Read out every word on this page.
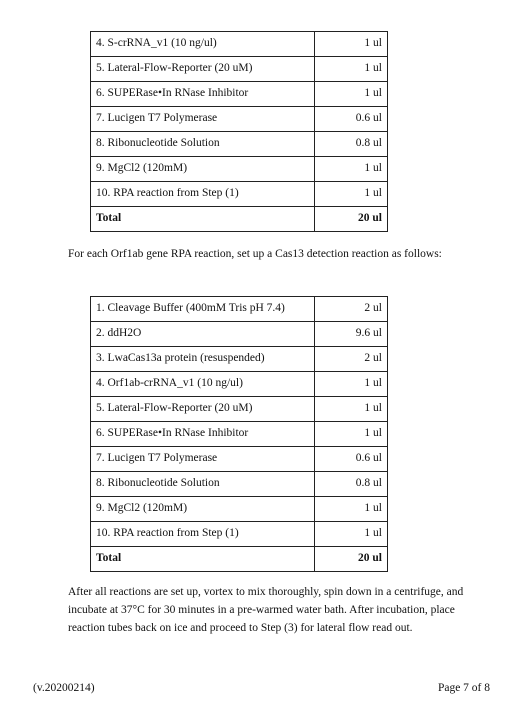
4. S-crRNA_v1 (10 ng/ul)	1 ul
5. Lateral-Flow-Reporter (20 uM)	1 ul
6. SUPERase•In RNase Inhibitor	1 ul
7. Lucigen T7 Polymerase	0.6 ul
8. Ribonucleotide Solution	0.8 ul
9. MgCl2 (120mM)	1 ul
10. RPA reaction from Step (1)	1 ul
Total	20 ul

For each Orf1ab gene RPA reaction, set up a Cas13 detection reaction as follows:

1. Cleavage Buffer (400mM Tris pH 7.4)	2 ul
2. ddH2O	9.6 ul
3. LwaCas13a protein (resuspended)	2 ul
4. Orf1ab-crRNA_v1 (10 ng/ul)	1 ul
5. Lateral-Flow-Reporter (20 uM)	1 ul
6. SUPERase•In RNase Inhibitor	1 ul
7. Lucigen T7 Polymerase	0.6 ul
8. Ribonucleotide Solution	0.8 ul
9. MgCl2 (120mM)	1 ul
10. RPA reaction from Step (1)	1 ul
Total	20 ul

After all reactions are set up, vortex to mix thoroughly, spin down in a centrifuge, and incubate at 37°C for 30 minutes in a pre-warmed water bath. After incubation, place reaction tubes back on ice and proceed to Step (3) for lateral flow read out.

(v.20200214)	Page 7 of 8
